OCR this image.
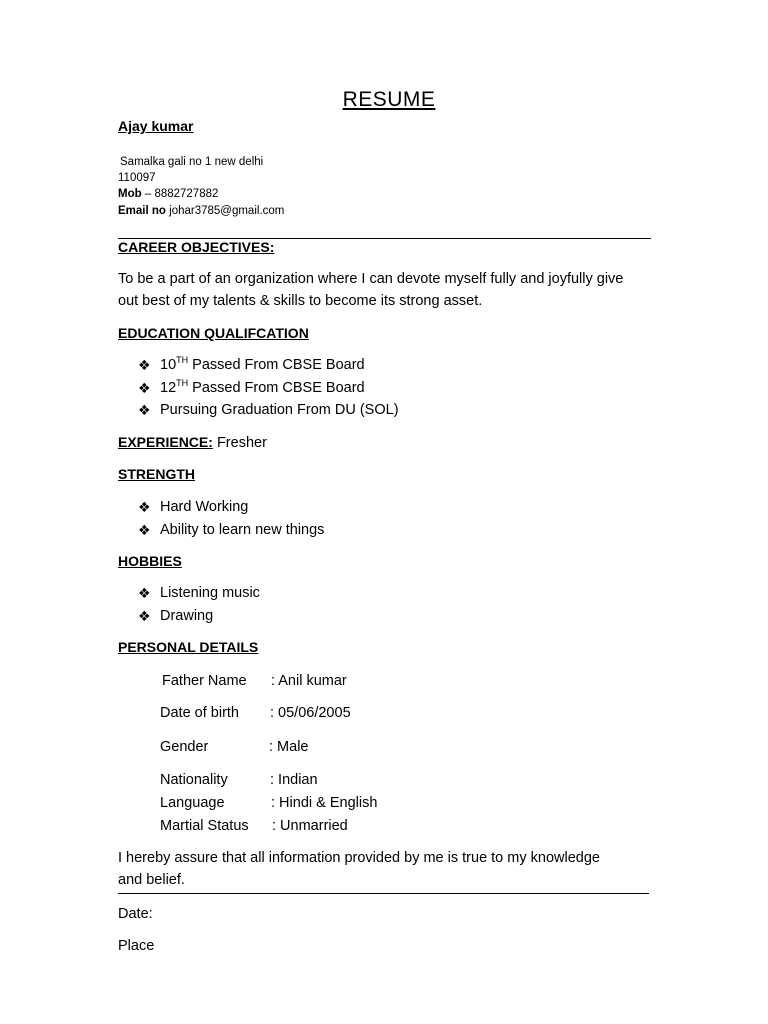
RESUME
Ajay kumar
Samalka gali no 1 new delhi
110097
Mob – 8882727882
Email no johar3785@gmail.com
CAREER OBJECTIVES:
To be a part of an organization where I can devote myself fully and joyfully give
out best of my talents & skills to become its strong asset.
EDUCATION QUALIFCATION
❖ 10TH Passed From CBSE Board
❖ 12TH Passed From CBSE Board
❖ Pursuing Graduation From DU (SOL)
EXPERIENCE: Fresher
STRENGTH
❖ Hard Working
❖ Ability to learn new things
HOBBIES
❖ Listening music
❖ Drawing
PERSONAL DETAILS
Father Name : Anil kumar
Date of birth : 05/06/2005
Gender	: Male
Nationality	: Indian
Language	: Hindi & English
Martial Status : Unmarried
I hereby assure that all information provided by me is true to my knowledge
and belief.
Date:
Place
